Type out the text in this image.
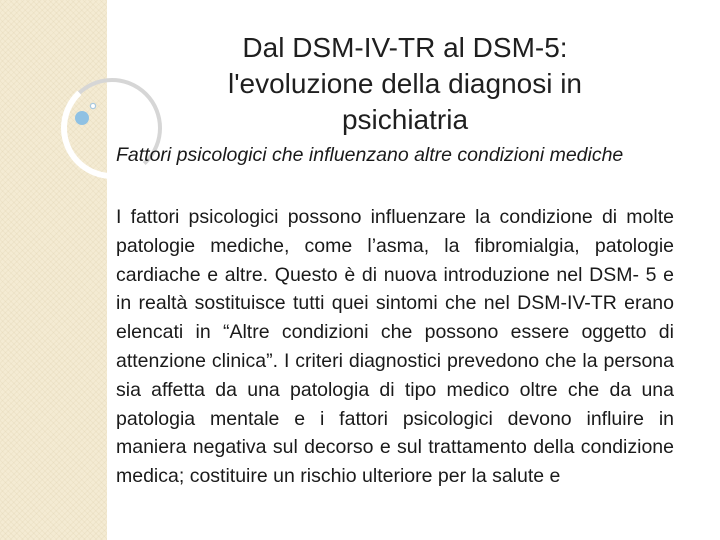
Dal DSM-IV-TR al DSM-5:
l'evoluzione della diagnosi in
psichiatria

Fattori psicologici che influenzano altre condizioni mediche

I fattori psicologici possono influenzare la condizione di molte patologie mediche, come l’asma, la fibromialgia, patologie cardiache e altre. Questo è di nuova introduzione nel DSM- 5 e in realtà sostituisce tutti quei sintomi che nel DSM-IV-TR erano elencati in “Altre condizioni che possono essere oggetto di attenzione clinica”. I criteri diagnostici prevedono che la persona sia affetta da una patologia di tipo medico oltre che da una patologia mentale e i fattori psicologici devono influire in maniera negativa sul decorso e sul trattamento della condizione medica; costituire un rischio ulteriore per la salute e
